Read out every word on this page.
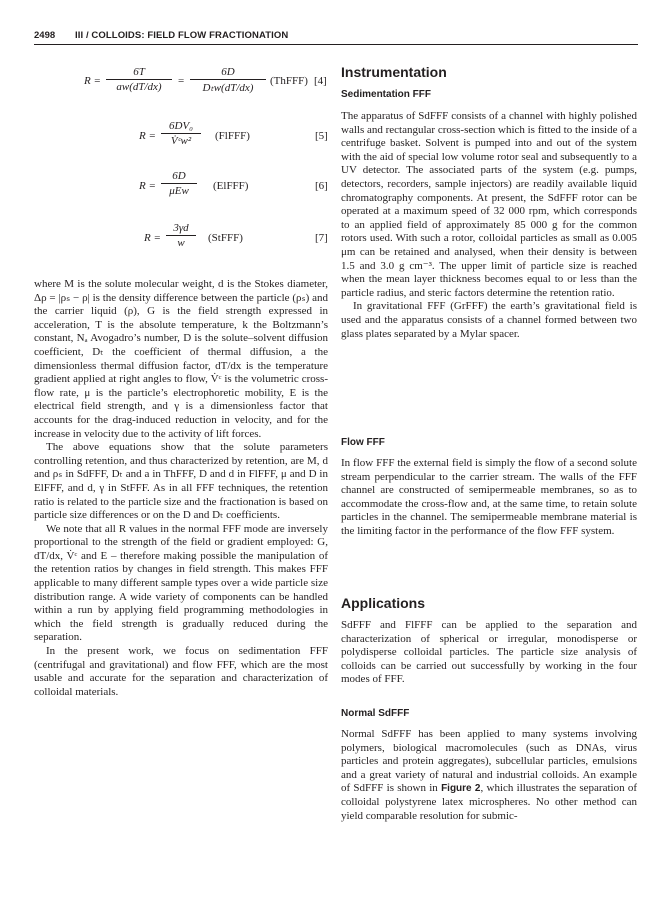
2498 III / COLLOIDS: FIELD FLOW FRACTIONATION
$R = \frac{6T}{aw(dT/dx)}$ =
6D
Dₜw(dT/dx)
(ThFFF) [4]
$R = \frac{\text{6DV₀}}{\text{V̇ᶜw²}}$ (FlFFF)	[5]
R =
6D
μEw	(ElFFF)	[6]
$R = \frac{3\gamma d}{w}$ (StFFF)	[7]

where M is the solute molecular weight, d is the Stokes diameter, Δρ = |ρₛ − ρ| is the density difference between the particle (ρₛ) and the carrier liquid (ρ), G is the field strength expressed in acceleration, T is the absolute temperature, k the Boltzmann’s constant, Nₐ Avogadro’s number, D is the solute–solvent diffusion coefficient, Dₜ the coefficient of thermal diffusion, a the dimensionless thermal diffusion factor, dT/dx is the temperature gradient applied at right angles to flow, V̇ᶜ is the volumetric cross-flow rate, μ is the particle’s electrophoretic mobility, E is the electrical field strength, and γ is a dimensionless factor that accounts for the drag-induced reduction in velocity, and for the increase in velocity due to the activity of lift forces.

The above equations show that the solute parameters controlling retention, and thus characterized by retention, are M, d and ρₛ in SdFFF, Dₜ and a in ThFFF, D and d in FlFFF, μ and D in ElFFF, and d, γ in StFFF. As in all FFF techniques, the retention ratio is related to the particle size and the fractionation is based on particle size differences or on the D and Dₜ coefficients.

We note that all R values in the normal FFF mode are inversely proportional to the strength of the field or gradient employed: G, dT/dx, V̇ᶜ and E – therefore making possible the manipulation of the retention ratios by changes in field strength. This makes FFF applicable to many different sample types over a wide particle size distribution range. A wide variety of components can be handled within a run by applying field programming methodologies in which the field strength is gradually reduced during the separation.

In the present work, we focus on sedimentation FFF (centrifugal and gravitational) and flow FFF, which are the most usable and accurate for the separation and characterization of colloidal materials.

Instrumentation
Sedimentation FFF

The apparatus of SdFFF consists of a channel with highly polished walls and rectangular cross-section which is fitted to the inside of a centrifuge basket. Solvent is pumped into and out of the system with the aid of special low volume rotor seal and subsequently to a UV detector. The associated parts of the system (e.g. pumps, detectors, recorders, sample injectors) are readily available liquid chromatography components. At present, the SdFFF rotor can be operated at a maximum speed of 32 000 rpm, which corresponds to an applied field of approximately 85 000 g for the common rotors used. With such a rotor, colloidal particles as small as 0.005 μm can be retained and analysed, when their density is between 1.5 and 3.0 g cm⁻³. The upper limit of particle size is reached when the mean layer thickness becomes equal to or less than the particle radius, and steric factors determine the retention ratio.

In gravitational FFF (GrFFF) the earth’s gravitational field is used and the apparatus consists of a channel formed between two glass plates separated by a Mylar spacer.

Flow FFF

In flow FFF the external field is simply the flow of a second solute stream perpendicular to the carrier stream. The walls of the FFF channel are constructed of semipermeable membranes, so as to accommodate the cross-flow and, at the same time, to retain solute particles in the channel. The semipermeable membrane material is the limiting factor in the performance of the flow FFF system.

Applications

SdFFF and FlFFF can be applied to the separation and characterization of spherical or irregular, monodisperse or polydisperse colloidal particles. The particle size analysis of colloids can be carried out successfully by working in the four modes of FFF.

Normal SdFFF

Normal SdFFF has been applied to many systems involving polymers, biological macromolecules (such as DNAs, virus particles and protein aggregates), subcellular particles, emulsions and a great variety of natural and industrial colloids. An example of SdFFF is shown in Figure 2, which illustrates the separation of colloidal polystyrene latex microspheres. No other method can yield comparable resolution for submic-
